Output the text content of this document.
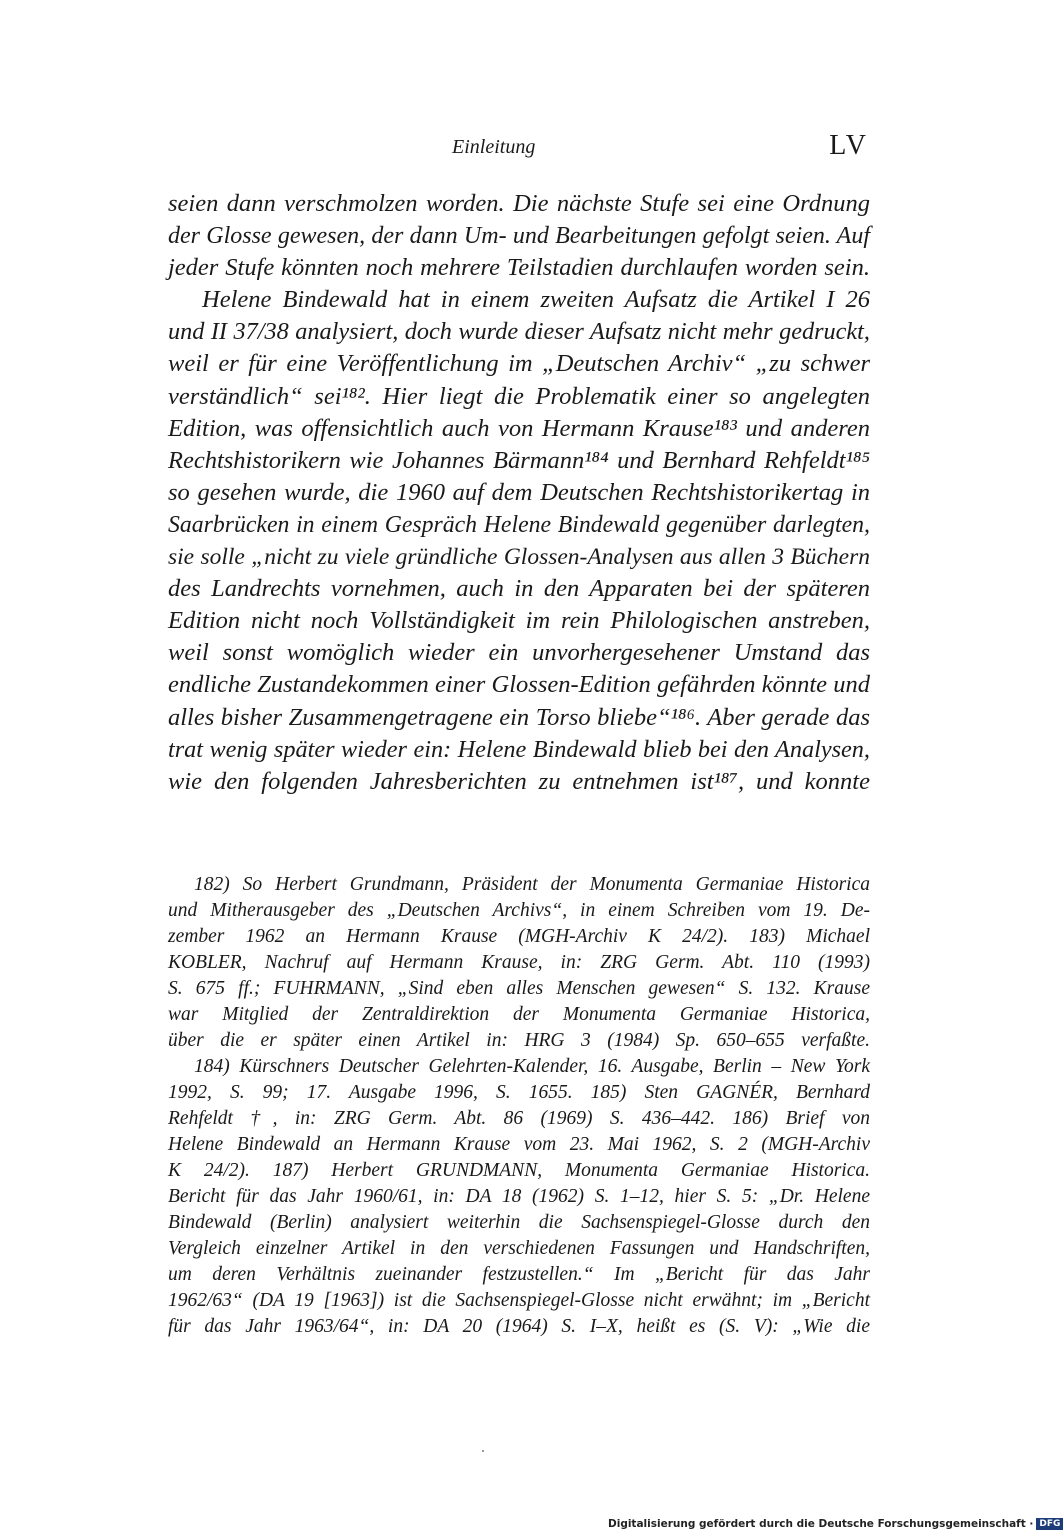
Einleitung	LV
seien dann verschmolzen worden. Die nächste Stufe sei eine Ordnung
der Glosse gewesen, der dann Um- und Bearbeitungen gefolgt seien. Auf
jeder Stufe könnten noch mehrere Teilstadien durchlaufen worden sein.
Helene Bindewald hat in einem zweiten Aufsatz die Artikel I 26
und II 37/38 analysiert, doch wurde dieser Aufsatz nicht mehr gedruckt,
weil er für eine Veröffentlichung im „Deutschen Archiv“ „zu schwer
verständlich“ sei¹⁸². Hier liegt die Problematik einer so angelegten
Edition, was offensichtlich auch von Hermann Krause¹⁸³ und anderen
Rechtshistorikern wie Johannes Bärmann¹⁸⁴ und Bernhard Rehfeldt¹⁸⁵
so gesehen wurde, die 1960 auf dem Deutschen Rechtshistorikertag in
Saarbrücken in einem Gespräch Helene Bindewald gegenüber darlegten,
sie solle „nicht zu viele gründliche Glossen-Analysen aus allen 3 Büchern
des Landrechts vornehmen, auch in den Apparaten bei der späteren
Edition nicht noch Vollständigkeit im rein Philologischen anstreben,
weil sonst womöglich wieder ein unvorhergesehener Umstand das
endliche Zustandekommen einer Glossen-Edition gefährden könnte und
alles bisher Zusammengetragene ein Torso bliebe“¹⁸⁶. Aber gerade das
trat wenig später wieder ein: Helene Bindewald blieb bei den Analysen,
wie den folgenden Jahresberichten zu entnehmen ist¹⁸⁷, und konnte
182) So Herbert Grundmann, Präsident der Monumenta Germaniae Historica
und Mitherausgeber des „Deutschen Archivs“, in einem Schreiben vom 19. De-
zember 1962 an Hermann Krause (MGH-Archiv K 24/2). 183) Michael
KOBLER, Nachruf auf Hermann Krause, in: ZRG Germ. Abt. 110 (1993)
S. 675 ff.; FUHRMANN, „Sind eben alles Menschen gewesen“ S. 132. Krause
war Mitglied der Zentraldirektion der Monumenta Germaniae Historica,
über die er später einen Artikel in: HRG 3 (1984) Sp. 650–655 verfaßte.
184) Kürschners Deutscher Gelehrten-Kalender, 16. Ausgabe, Berlin – New York
1992, S. 99; 17. Ausgabe 1996, S. 1655. 185) Sten GAGNÉR, Bernhard
Rehfeldt †, in: ZRG Germ. Abt. 86 (1969) S. 436–442. 186) Brief von
Helene Bindewald an Hermann Krause vom 23. Mai 1962, S. 2 (MGH-Archiv
K 24/2). 187) Herbert GRUNDMANN, Monumenta Germaniae Historica.
Bericht für das Jahr 1960/61, in: DA 18 (1962) S. 1–12, hier S. 5: „Dr. Helene
Bindewald (Berlin) analysiert weiterhin die Sachsenspiegel-Glosse durch den
Vergleich einzelner Artikel in den verschiedenen Fassungen und Handschriften,
um deren Verhältnis zueinander festzustellen.“ Im „Bericht für das Jahr
1962/63“ (DA 19 [1963]) ist die Sachsenspiegel-Glosse nicht erwähnt; im „Bericht
für das Jahr 1963/64“, in: DA 20 (1964) S. I–X, heißt es (S. V): „Wie die
Digitalisierung gefördert durch die Deutsche Forschungsgemeinschaft · DFG
